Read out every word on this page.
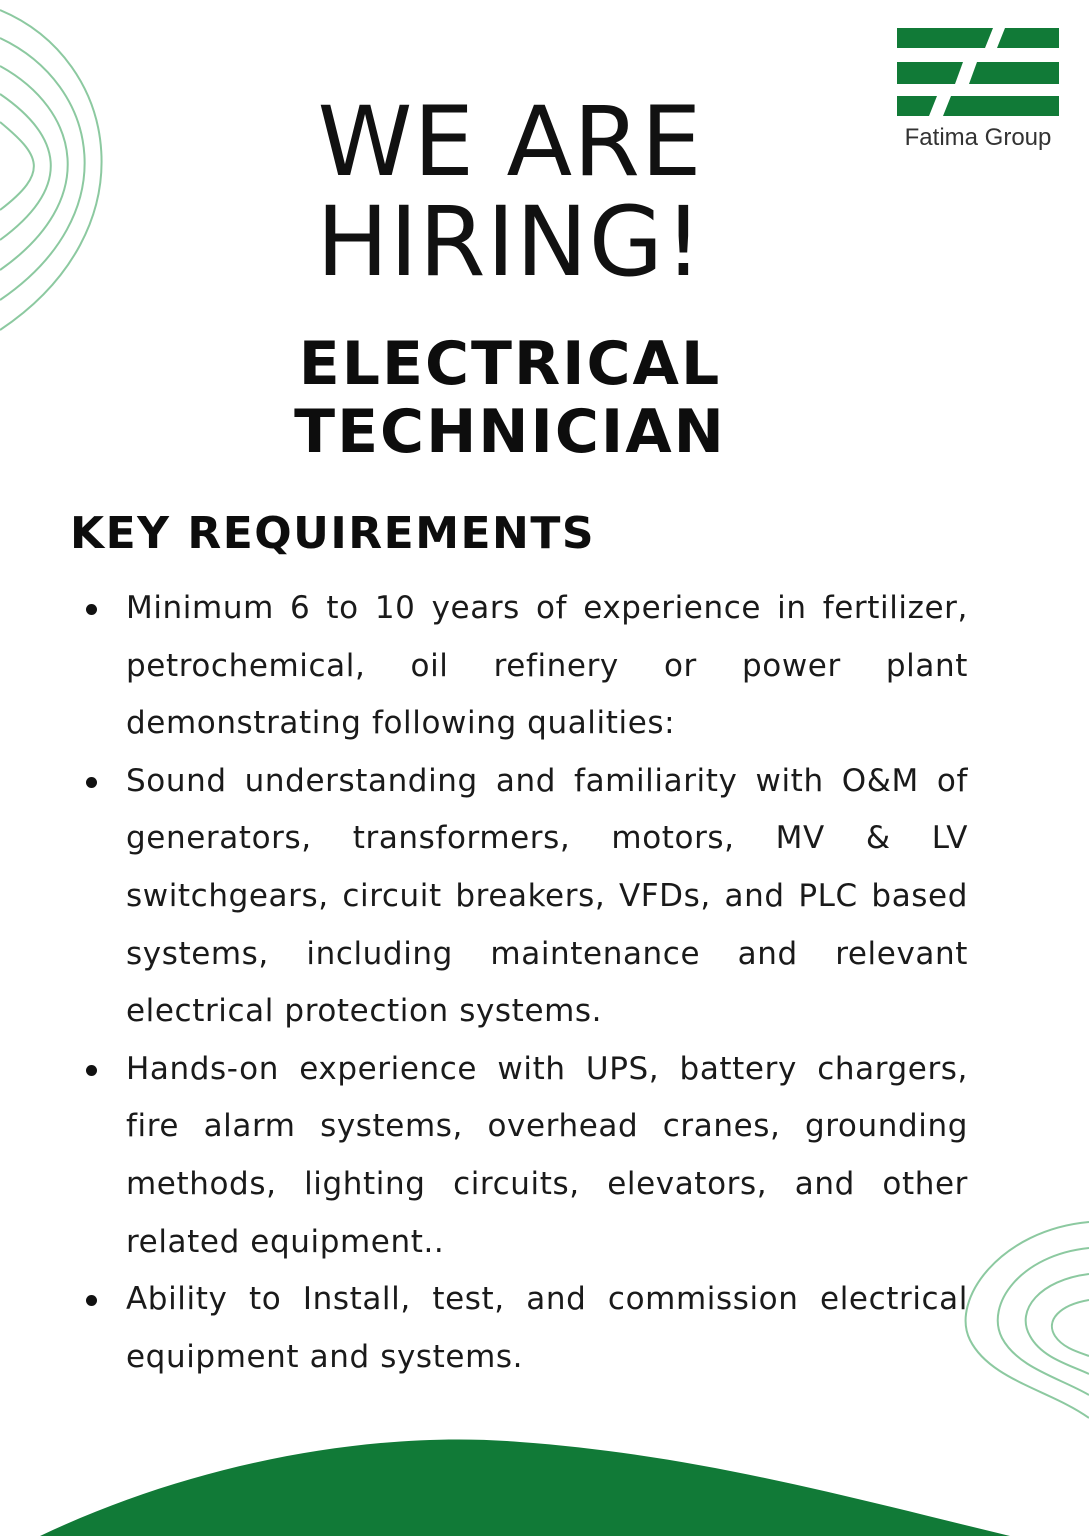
Fatima Group
WE ARE
HIRING!
ELECTRICAL
TECHNICIAN
KEY REQUIREMENTS
Minimum 6 to 10 years of experience in fertilizer, petrochemical, oil refinery or power plant demonstrating following qualities:
Sound understanding and familiarity with O&M of generators, transformers, motors, MV & LV switchgears, circuit breakers, VFDs, and PLC based systems, including maintenance and relevant electrical protection systems.
Hands-on experience with UPS, battery chargers, fire alarm systems, overhead cranes, grounding methods, lighting circuits, elevators, and other related equipment..
Ability to Install, test, and commission electrical equipment and systems.
